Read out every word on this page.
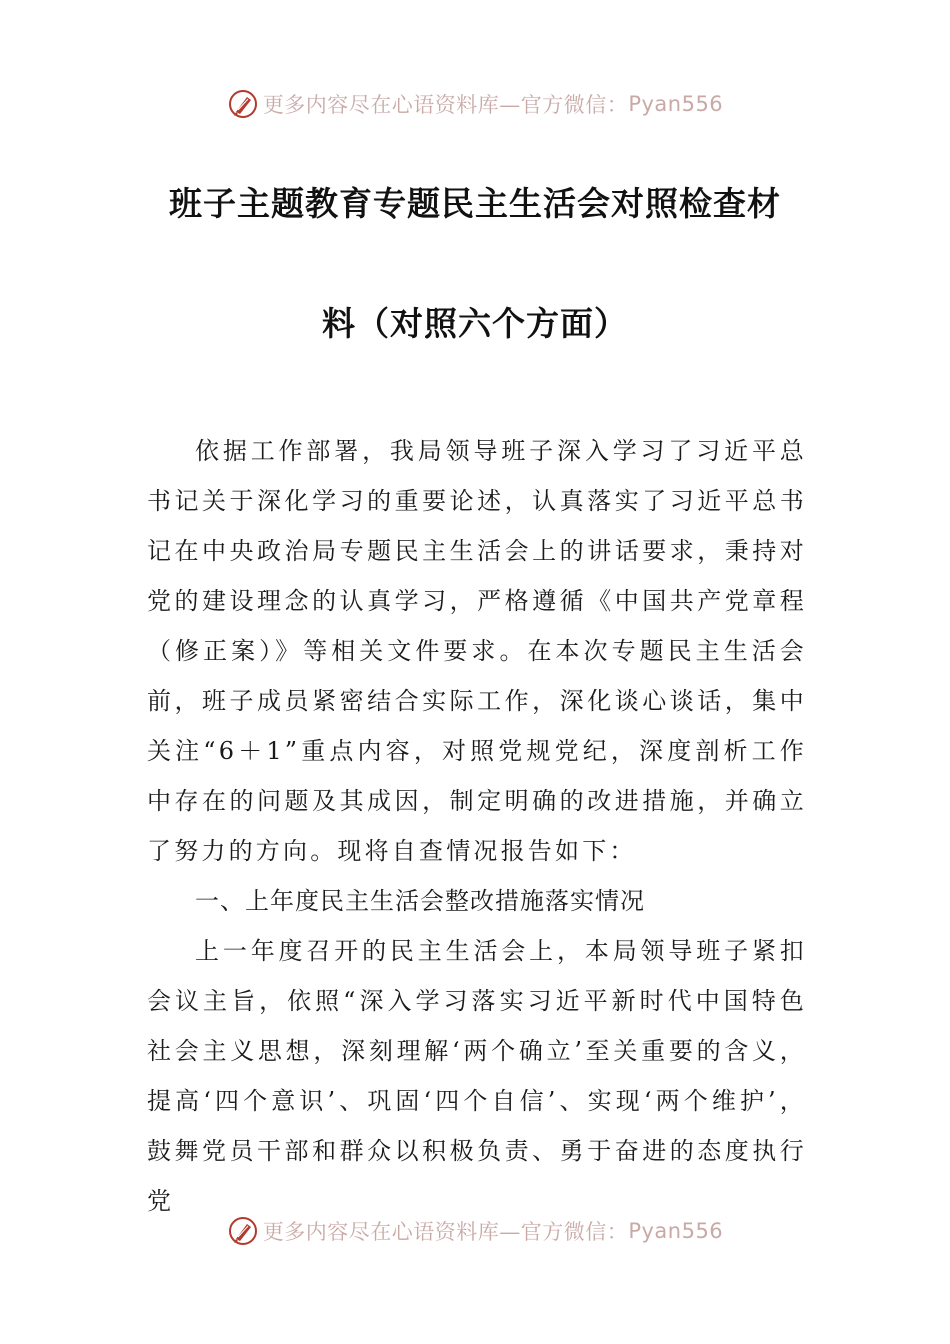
更多内容尽在心语资料库—官方微信： Pyan556
班子主题教育专题民主生活会对照检查材
料（对照六个方面）

依据工作部署，我局领导班子深入学习了习近平总书记关于深化学习的重要论述，认真落实了习近平总书记在中央政治局专题民主生活会上的讲话要求，秉持对党的建设理念的认真学习，严格遵循《中国共产党章程（修正案）》等相关文件要求。在本次专题民主生活会前，班子成员紧密结合实际工作，深化谈心谈话，集中关注“6＋1”重点内容，对照党规党纪，深度剖析工作中存在的问题及其成因，制定明确的改进措施，并确立了努力的方向。现将自查情况报告如下：

一、上年度民主生活会整改措施落实情况

上一年度召开的民主生活会上，本局领导班子紧扣会议主旨，依照“深入学习落实习近平新时代中国特色社会主义思想，深刻理解‘两个确立’至关重要的含义，提高‘四个意识’、巩固‘四个自信’、实现‘两个维护’，鼓舞党员干部和群众以积极负责、勇于奋进的态度执行党

更多内容尽在心语资料库—官方微信： Pyan556
